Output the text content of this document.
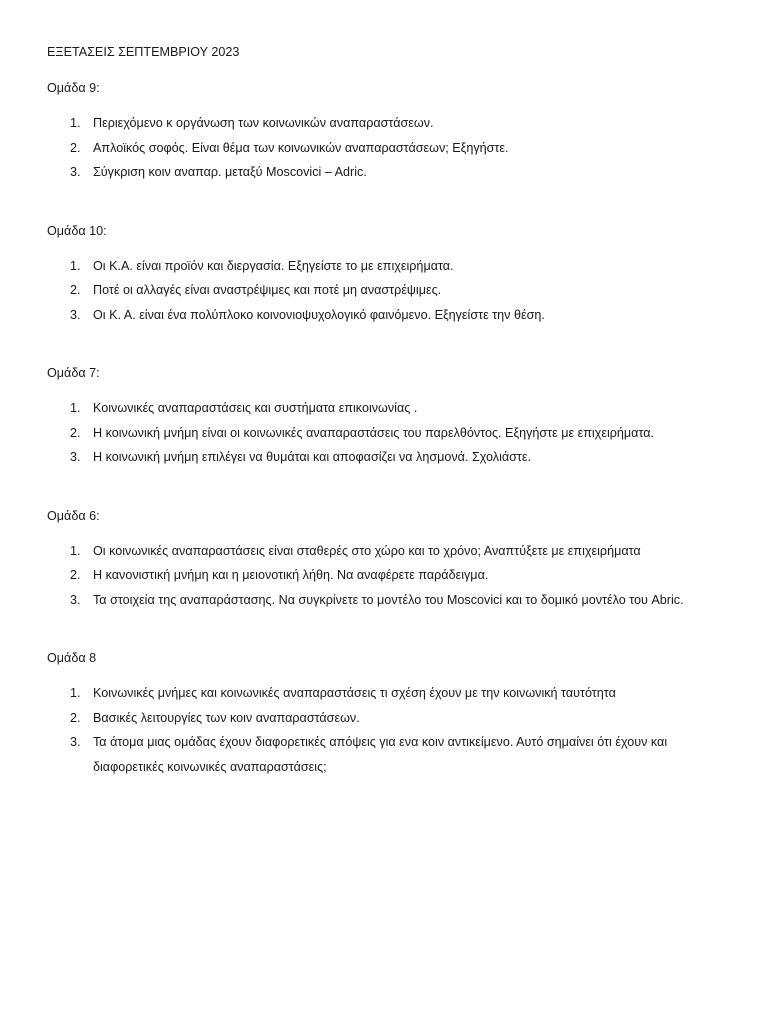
ΕΞΕΤΑΣΕΙΣ ΣΕΠΤΕΜΒΡΙΟΥ 2023
Ομάδα 9:
1. Περιεχόμενο κ οργάνωση των κοινωνικών αναπαραστάσεων.
2. Απλοϊκός σοφός. Είναι θέμα των κοινωνικών αναπαραστάσεων; Εξηγήστε.
3. Σύγκριση κοιν αναπαρ. μεταξύ Moscovici – Adric.
Ομάδα 10:
1. Οι Κ.Α. είναι προϊόν και διεργασία. Εξηγείστε το με επιχειρήματα.
2. Ποτέ οι αλλαγές είναι αναστρέψιμες και ποτέ μη αναστρέψιμες.
3. Οι Κ. Α. είναι ένα πολύπλοκο κοινονιοψυχολογικό φαινόμενο. Εξηγείστε την θέση.
Ομάδα 7:
1. Κοινωνικές αναπαραστάσεις και συστήματα επικοινωνίας .
2. Η κοινωνική μνήμη είναι οι κοινωνικές αναπαραστάσεις του παρελθόντος. Εξηγήστε με επιχειρήματα.
3. Η κοινωνική μνήμη επιλέγει να θυμάται και αποφασίζει να λησμονά. Σχολιάστε.
Ομάδα 6:
1. Οι κοινωνικές αναπαραστάσεις είναι σταθερές στο χώρο και το χρόνο; Αναπτύξετε με επιχειρήματα
2. Η κανονιστική μνήμη και η μειονοτική λήθη. Να αναφέρετε παράδειγμα.
3. Τα στοιχεία της αναπαράστασης. Να συγκρίνετε το μοντέλο του Moscovici και το δομικό μοντέλο του Abric.
Ομάδα 8
1. Κοινωνικές μνήμες και κοινωνικές αναπαραστάσεις τι σχέση έχουν με την κοινωνική ταυτότητα
2. Βασικές λειτουργίες των κοιν αναπαραστάσεων.
3. Τα άτομα μιας ομάδας έχουν διαφορετικές απόψεις για ενα κοιν αντικείμενο. Αυτό σημαίνει ότι έχουν και διαφορετικές κοινωνικές αναπαραστάσεις;
